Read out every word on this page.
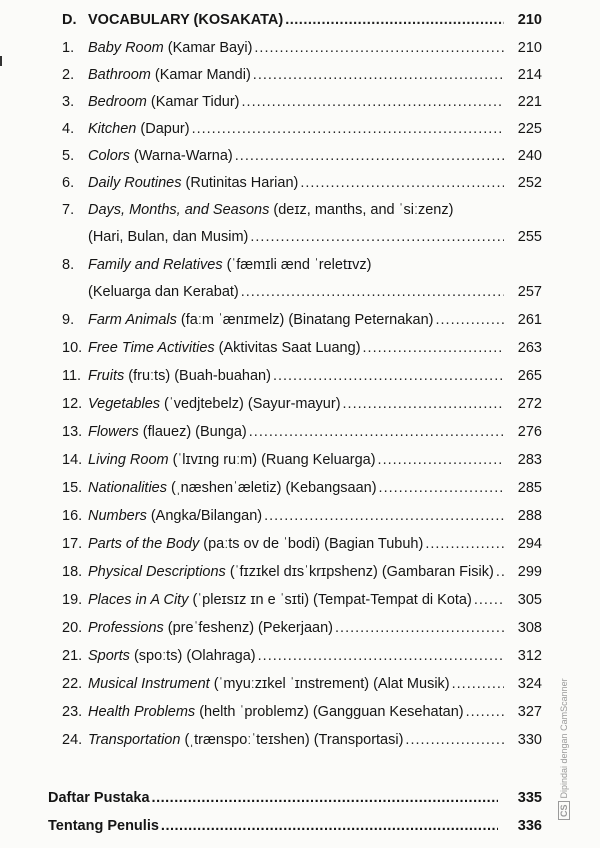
D. VOCABULARY (KOSAKATA) .....	210
1. Baby Room (Kamar Bayi) .....	210
2. Bathroom (Kamar Mandi) .....	214
3. Bedroom (Kamar Tidur) .....	221
4. Kitchen (Dapur) .....	225
5. Colors (Warna-Warna) .....	240
6. Daily Routines (Rutinitas Harian) .....	252
7. Days, Months, and Seasons (deɪz, manths, and ˈsiːzenz)
(Hari, Bulan, dan Musim) .....	255
8. Family and Relatives (ˈfæmɪli ænd ˈreletɪvz)
(Keluarga dan Kerabat) .....	257
9. Farm Animals (faːm ˈænɪmelz) (Binatang Peternakan) .....	261
10. Free Time Activities (Aktivitas Saat Luang) .....	263
11. Fruits (fruːts) (Buah-buahan) .....	265
12. Vegetables (ˈvedjtebelz) (Sayur-mayur) .....	272
13. Flowers (flauez) (Bunga) .....	276
14. Living Room (ˈlɪvɪng ruːm) (Ruang Keluarga) .....	283
15. Nationalities (ˌnæshenˈæletiz) (Kebangsaan) .....	285
16. Numbers (Angka/Bilangan) .....	288
17. Parts of the Body (paːts ov de ˈbodi) (Bagian Tubuh) .....	294
18. Physical Descriptions (ˈfɪzɪkel dɪsˈkrɪpshenz) (Gambaran Fisik) .....	299
19. Places in A City (ˈpleɪsɪz ɪn e ˈsɪti) (Tempat-Tempat di Kota) .....	305
20. Professions (preˈfeshenz) (Pekerjaan) .....	308
21. Sports (spoːts) (Olahraga) .....	312
22. Musical Instrument (ˈmyuːzɪkel ˈɪnstrement) (Alat Musik) .....	324
23. Health Problems (helth ˈproblemz) (Gangguan Kesehatan) .....	327
24. Transportation (ˌtrænspoːˈteɪshen) (Transportasi) .....	330
Daftar Pustaka .....	335
Tentang Penulis .....	336
CSDipindai dengan CamScanner
